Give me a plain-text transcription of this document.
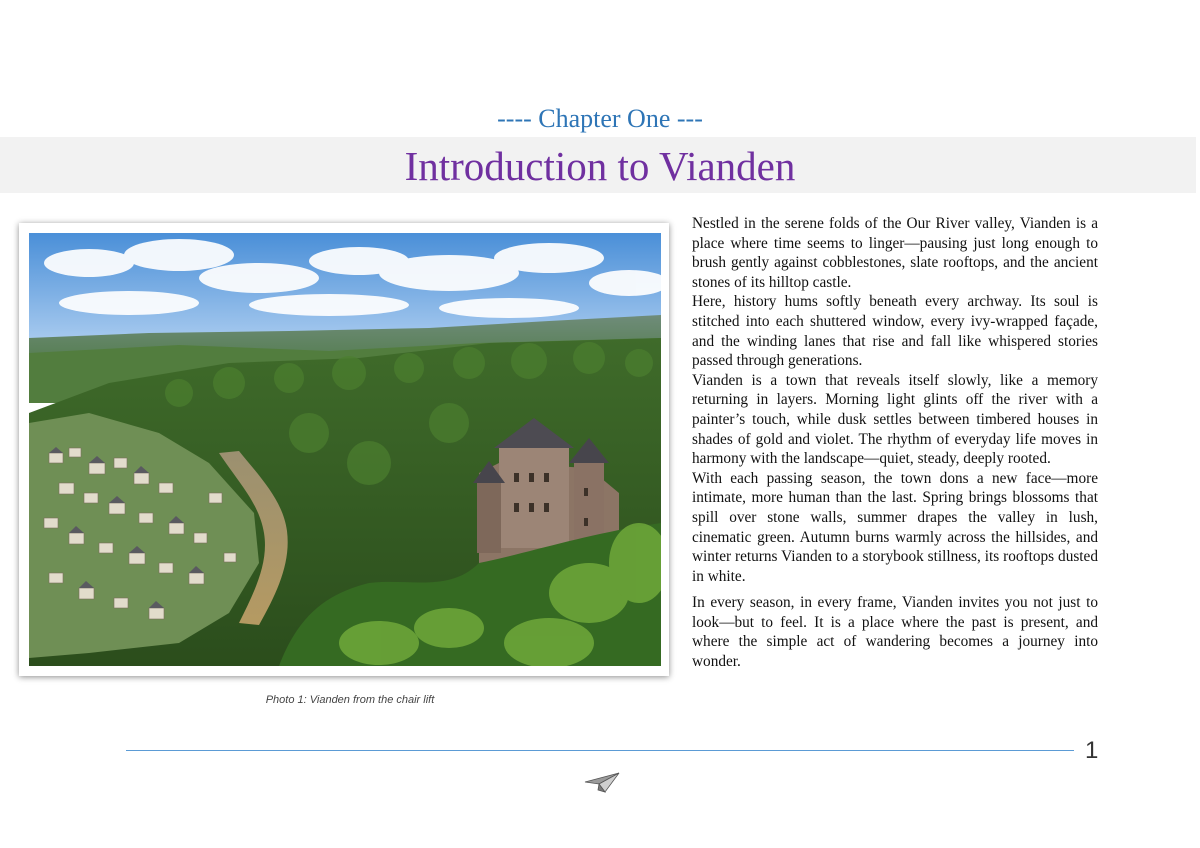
---- Chapter One ---
Introduction to Vianden
Photo 1: Vianden from the chair lift

Nestled in the serene folds of the Our River valley, Vianden is a place where time seems to linger—pausing just long enough to brush gently against cobblestones, slate rooftops, and the ancient stones of its hilltop castle.

Here, history hums softly beneath every archway. Its soul is stitched into each shuttered window, every ivy-wrapped façade, and the winding lanes that rise and fall like whispered stories passed through generations.

Vianden is a town that reveals itself slowly, like a memory returning in layers. Morning light glints off the river with a painter’s touch, while dusk settles between timbered houses in shades of gold and violet. The rhythm of everyday life moves in harmony with the landscape—quiet, steady, deeply rooted.

With each passing season, the town dons a new face—more intimate, more human than the last. Spring brings blossoms that spill over stone walls, summer drapes the valley in lush, cinematic green. Autumn burns warmly across the hillsides, and winter returns Vianden to a storybook stillness, its rooftops dusted in white.

In every season, in every frame, Vianden invites you not just to look—but to feel. It is a place where the past is present, and where the simple act of wandering becomes a journey into wonder.

1
